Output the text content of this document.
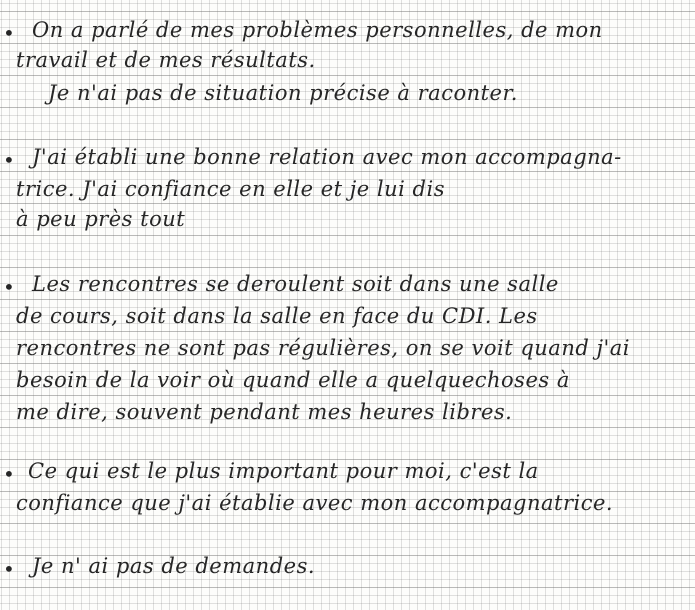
• On a parlé de mes problèmes personnelles, de mon
travail et de mes résultats.
Je n'ai pas de situation précise à raconter.
• J'ai établi une bonne relation avec mon accompagna-
trice. J'ai confiance en elle et je lui dis
à peu près tout
• Les rencontres se deroulent soit dans une salle
de cours, soit dans la salle en face du CDI. Les
rencontres ne sont pas régulières, on se voit quand j'ai
besoin de la voir où quand elle a quelquechoses à
me dire, souvent pendant mes heures libres.
• Ce qui est le plus important pour moi, c'est la
confiance que j'ai établie avec mon accompagnatrice.
• Je n' ai pas de demandes.
